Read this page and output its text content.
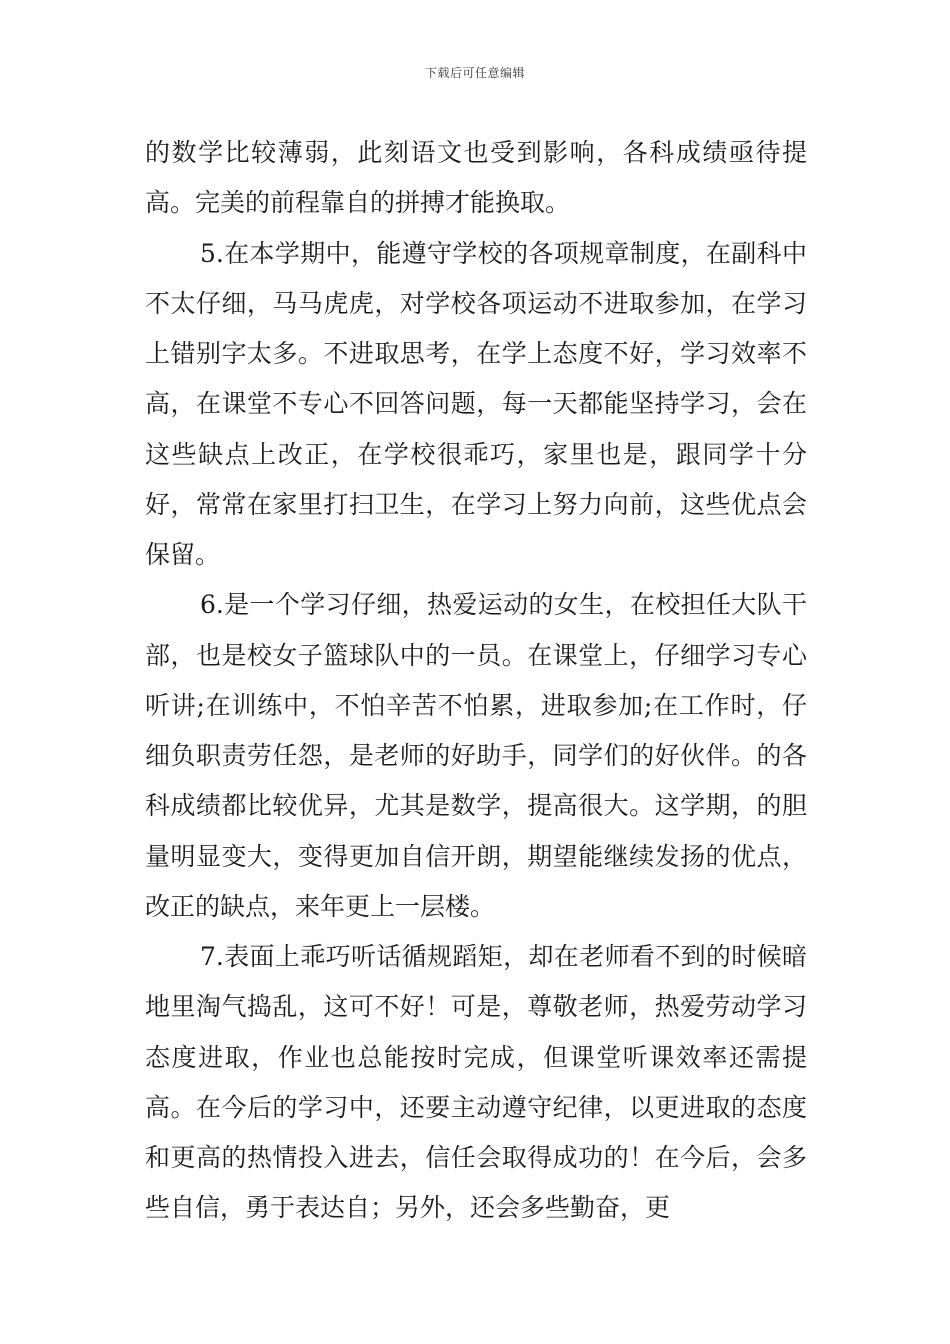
下载后可任意编辑

的数学比较薄弱，此刻语文也受到影响，各科成绩亟待提高。完美的前程靠自的拼搏才能换取。

5.在本学期中，能遵守学校的各项规章制度，在副科中不太仔细，马马虎虎，对学校各项运动不进取参加，在学习上错别字太多。不进取思考，在学上态度不好，学习效率不高，在课堂不专心不回答问题，每一天都能坚持学习，会在这些缺点上改正，在学校很乖巧，家里也是，跟同学十分好，常常在家里打扫卫生，在学习上努力向前，这些优点会保留。

6.是一个学习仔细，热爱运动的女生，在校担任大队干部，也是校女子篮球队中的一员。在课堂上，仔细学习专心听讲;在训练中，不怕辛苦不怕累，进取参加;在工作时，仔细负职责劳任怨，是老师的好助手，同学们的好伙伴。的各科成绩都比较优异，尤其是数学，提高很大。这学期，的胆量明显变大，变得更加自信开朗，期望能继续发扬的优点，改正的缺点，来年更上一层楼。

7.表面上乖巧听话循规蹈矩，却在老师看不到的时候暗地里淘气捣乱，这可不好！可是，尊敬老师，热爱劳动学习态度进取，作业也总能按时完成，但课堂听课效率还需提高。在今后的学习中，还要主动遵守纪律，以更进取的态度和更高的热情投入进去，信任会取得成功的！在今后，会多些自信，勇于表达自；另外，还会多些勤奋，更
